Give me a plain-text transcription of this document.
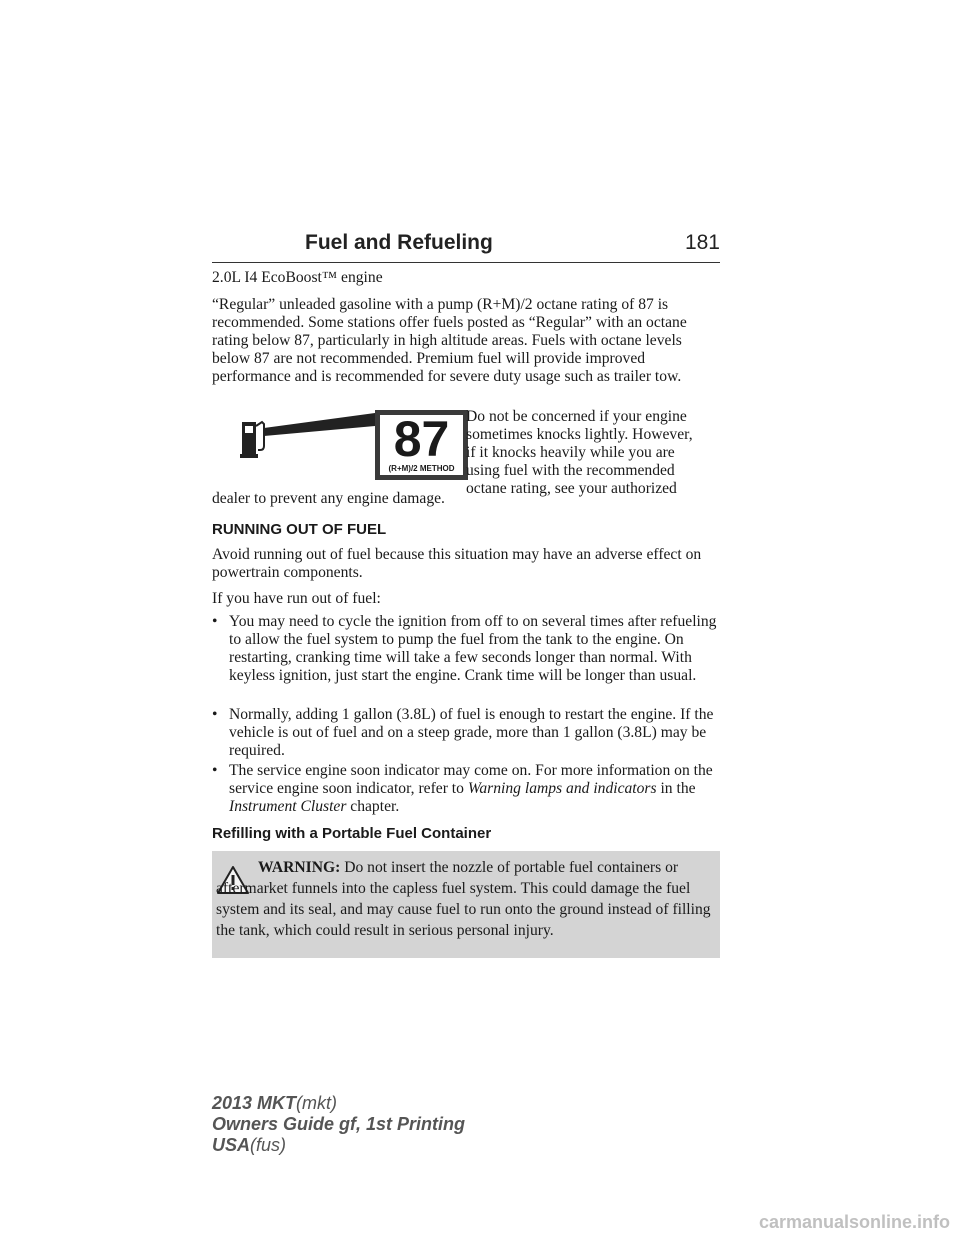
Fuel and Refueling	181

2.0L I4 EcoBoost™ engine

“Regular” unleaded gasoline with a pump (R+M)/2 octane rating of 87 is recommended. Some stations offer fuels posted as “Regular” with an octane rating below 87, particularly in high altitude areas. Fuels with octane levels below 87 are not recommended. Premium fuel will provide improved performance and is recommended for severe duty usage such as trailer tow.

87
(R+M)/2 METHOD

Do not be concerned if your engine

sometimes knocks lightly. However,

if it knocks heavily while you are

using fuel with the recommended

octane rating, see your authorized

dealer to prevent any engine damage.

RUNNING OUT OF FUEL

Avoid running out of fuel because this situation may have an adverse effect on powertrain components.

If you have run out of fuel:

• You may need to cycle the ignition from off to on several times after refueling to allow the fuel system to pump the fuel from the tank to the engine. On restarting, cranking time will take a few seconds longer than normal. With keyless ignition, just start the engine. Crank time will be longer than usual.
• Normally, adding 1 gallon (3.8L) of fuel is enough to restart the engine. If the vehicle is out of fuel and on a steep grade, more than 1 gallon (3.8L) may be required.
• The service engine soon indicator may come on. For more information on the service engine soon indicator, refer to Warning lamps and indicators in the Instrument Cluster chapter.
Refilling with a Portable Fuel Container
WARNING: Do not insert the nozzle of portable fuel containers or aftermarket funnels into the capless fuel system. This could damage the fuel system and its seal, and may cause fuel to run onto the ground instead of filling the tank, which could result in serious personal injury.
2013 MKT(mkt)
Owners Guide gf, 1st Printing
USA(fus)
carmanualsonline.info
